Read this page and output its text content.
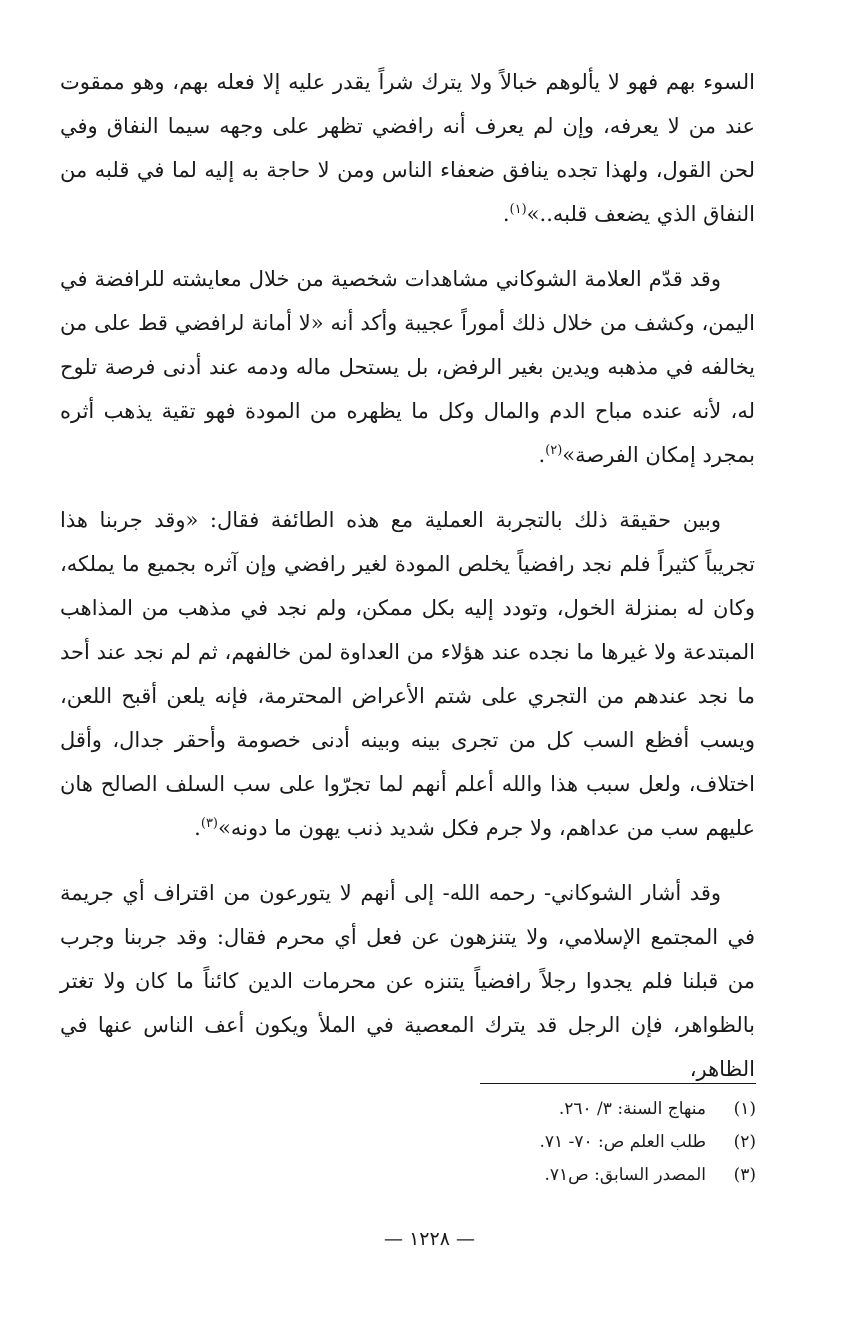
السوء بهم فهو لا يألوهم خبالاً ولا يترك شراً يقدر عليه إلا فعله بهم، وهو ممقوت عند من لا يعرفه، وإن لم يعرف أنه رافضي تظهر على وجهه سيما النفاق وفي لحن القول، ولهذا تجده ينافق ضعفاء الناس ومن لا حاجة به إليه لما في قلبه من النفاق الذي يضعف قلبه..»$^{(١)}$.

وقد قدّم العلامة الشوكاني مشاهدات شخصية من خلال معايشته للرافضة في اليمن، وكشف من خلال ذلك أموراً عجيبة وأكد أنه «لا أمانة لرافضي قط على من يخالفه في مذهبه ويدين بغير الرفض، بل يستحل ماله ودمه عند أدنى فرصة تلوح له، لأنه عنده مباح الدم والمال وكل ما يظهره من المودة فهو تقية يذهب أثره بمجرد إمكان الفرصة»$^{(٢)}$.

وبين حقيقة ذلك بالتجربة العملية مع هذه الطائفة فقال: «وقد جربنا هذا تجريباً كثيراً فلم نجد رافضياً يخلص المودة لغير رافضي وإن آثره بجميع ما يملكه، وكان له بمنزلة الخول، وتودد إليه بكل ممكن، ولم نجد في مذهب من المذاهب المبتدعة ولا غيرها ما نجده عند هؤلاء من العداوة لمن خالفهم، ثم لم نجد عند أحد ما نجد عندهم من التجري على شتم الأعراض المحترمة، فإنه يلعن أقبح اللعن، ويسب أفظع السب كل من تجرى بينه وبينه أدنى خصومة وأحقر جدال، وأقل اختلاف، ولعل سبب هذا والله أعلم أنهم لما تجرّوا على سب السلف الصالح هان عليهم سب من عداهم، ولا جرم فكل شديد ذنب يهون ما دونه»$^{(٣)}$.

وقد أشار الشوكاني- رحمه الله- إلى أنهم لا يتورعون من اقتراف أي جريمة في المجتمع الإسلامي، ولا يتنزهون عن فعل أي محرم فقال: وقد جربنا وجرب من قبلنا فلم يجدوا رجلاً رافضياً يتنزه عن محرمات الدين كائناً ما كان ولا تغتر بالظواهر، فإن الرجل قد يترك المعصية في الملأ ويكون أعف الناس عنها في الظاهر،

(١)
منهاج السنة: ٣/ ٢٦٠.
(٢)
طلب العلم ص: ٧٠- ٧١.
(٣)
المصدر السابق: ص٧١.
— ١٢٢٨ —
